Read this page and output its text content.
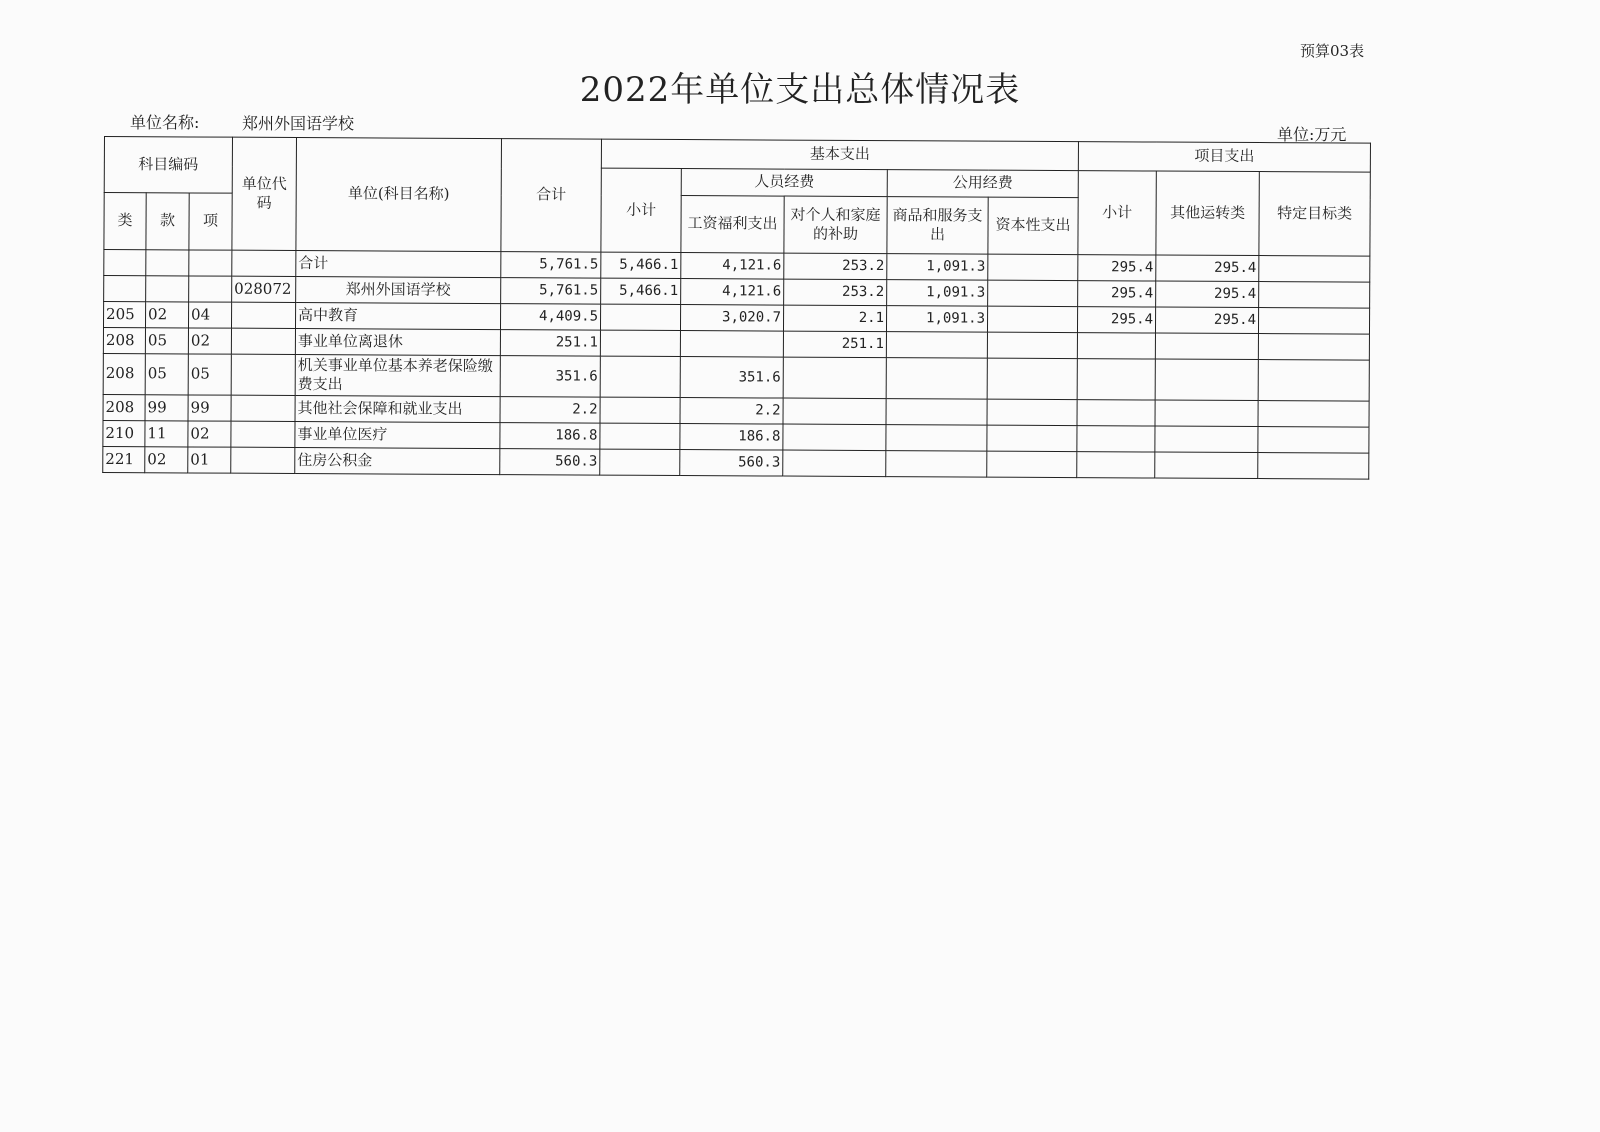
预算03表
2022年单位支出总体情况表
单位名称:	郑州外国语学校
单位:万元
科目编码			单位代码	单位(科目名称)	合计	基本支出					项目支出		
						小计	人员经费		公用经费		小计	其他运转类	特定目标类
类	款	项					工资福利支出	对个人和家庭的补助	商品和服务支出	资本性支出			
				合计	5,761.5	5,466.1	4,121.6	253.2	1,091.3		295.4	295.4	
			028072	郑州外国语学校	5,761.5	5,466.1	4,121.6	253.2	1,091.3		295.4	295.4	
205	02	04		高中教育	4,409.5		3,020.7	2.1	1,091.3		295.4	295.4	
208	05	02		事业单位离退休	251.1			251.1					
208	05	05		机关事业单位基本养老保险缴费支出	351.6		351.6						
208	99	99		其他社会保障和就业支出	2.2		2.2						
210	11	02		事业单位医疗	186.8		186.8						
221	02	01		住房公积金	560.3		560.3						
